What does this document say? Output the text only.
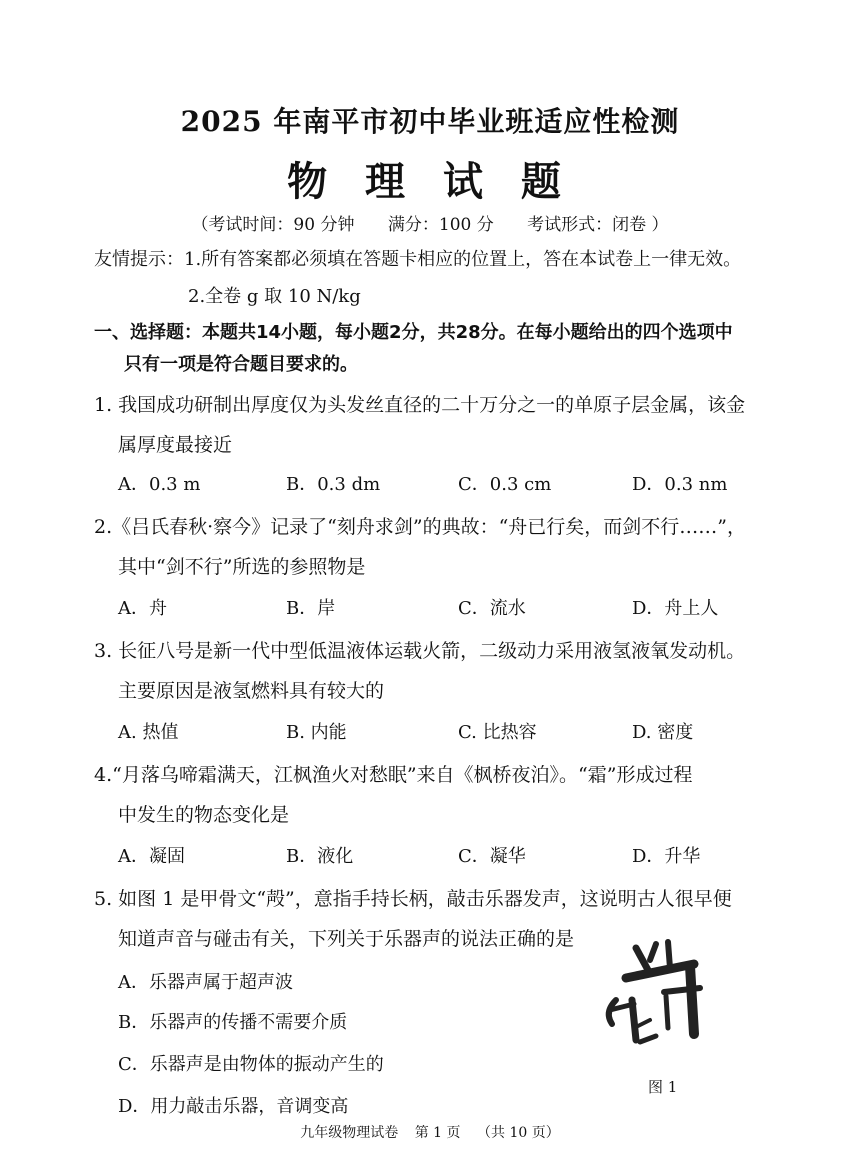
2025 年南平市初中毕业班适应性检测
物 理 试 题
（考试时间：90 分钟 满分：100 分 考试形式：闭卷 ）
友情提示：1.所有答案都必须填在答题卡相应的位置上，答在本试卷上一律无效。
2.全卷 g 取 10 N/kg
一、选择题：本题共14小题，每小题2分，共28分。在每小题给出的四个选项中
只有一项是符合题目要求的。
1. 我国成功研制出厚度仅为头发丝直径的二十万分之一的单原子层金属，该金
属厚度最接近
A．0.3 m	B．0.3 dm	C．0.3 cm	D．0.3 nm
2.《吕氏春秋·察今》记录了“刻舟求剑”的典故：“舟已行矣，而剑不行……”，
其中“剑不行”所选的参照物是
A．舟	B．岸	C．流水	D．舟上人
3. 长征八号是新一代中型低温液体运载火箭，二级动力采用液氢液氧发动机。
主要原因是液氢燃料具有较大的
A. 热值	B. 内能	C. 比热容	D. 密度
4.“月落乌啼霜满天，江枫渔火对愁眠”来自《枫桥夜泊》。“霜”形成过程
中发生的物态变化是
A．凝固	B．液化	C．凝华	D．升华
5. 如图 1 是甲骨文“殸”，意指手持长柄，敲击乐器发声，这说明古人很早便
知道声音与碰击有关，下列关于乐器声的说法正确的是
A．乐器声属于超声波
B．乐器声的传播不需要介质
C．乐器声是由物体的振动产生的
D．用力敲击乐器，音调变高
图 1
九年级物理试卷 第 1 页 （共 10 页）
